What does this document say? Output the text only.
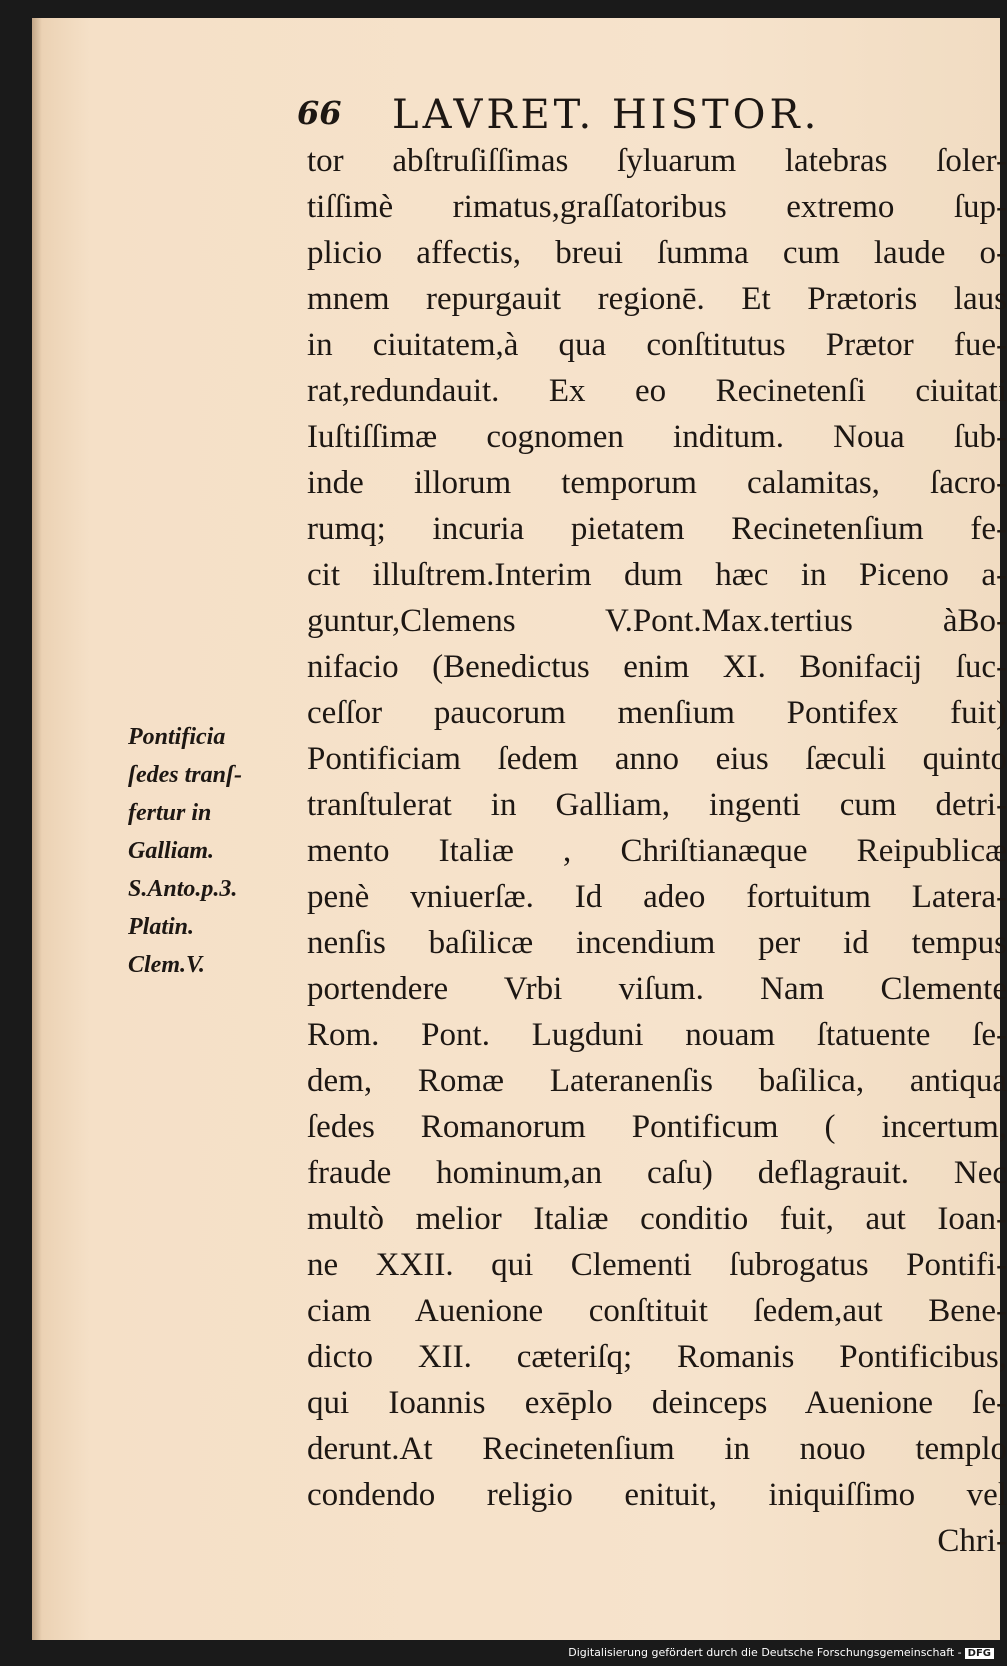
66 LAVRET. HISTOR.
Pontificia
ſedes tranſ-
fertur in
Galliam.
S.Anto.p.3.
Platin.
Clem.V.
tor abſtruſiſſimas ſyluarum latebras ſoler-
tiſſimè rimatus,graſſatoribus extremo ſup-
plicio affectis, breui ſumma cum laude o-
mnem repurgauit regionē. Et Prætoris laus
in ciuitatem,à qua conſtitutus Prætor fue-
rat,redundauit. Ex eo Recinetenſi ciuitati
Iuſtiſſimæ cognomen inditum. Noua ſub-
inde illorum temporum calamitas, ſacro-
rumq; incuria pietatem Recinetenſium fe-
cit illuſtrem.Interim dum hæc in Piceno a-
guntur,Clemens V.Pont.Max.tertius àBo-
nifacio (Benedictus enim XI. Bonifacij ſuc-
ceſſor paucorum menſium Pontifex fuit)
Pontificiam ſedem anno eius ſæculi quinto
tranſtulerat in Galliam, ingenti cum detri-
mento Italiæ , Chriſtianæque Reipublicæ
penè vniuerſæ. Id adeo fortuitum Latera-
nenſis baſilicæ incendium per id tempus
portendere Vrbi viſum. Nam Clemente
Rom. Pont. Lugduni nouam ſtatuente ſe-
dem, Romæ Lateranenſis baſilica, antiqua
ſedes Romanorum Pontificum ( incertum,
fraude hominum,an caſu) deflagrauit. Nec
multò melior Italiæ conditio fuit, aut Ioan-
ne XXII. qui Clementi ſubrogatus Pontifi-
ciam Auenione conſtituit ſedem,aut Bene-
dicto XII. cæteriſq; Romanis Pontificibus,
qui Ioannis exēplo deinceps Auenione ſe-
derunt.At Recinetenſium in nouo templo
condendo religio enituit, iniquiſſimo vel
Chri-
Digitalisierung gefördert durch die Deutsche Forschungsgemeinschaft - DFG
